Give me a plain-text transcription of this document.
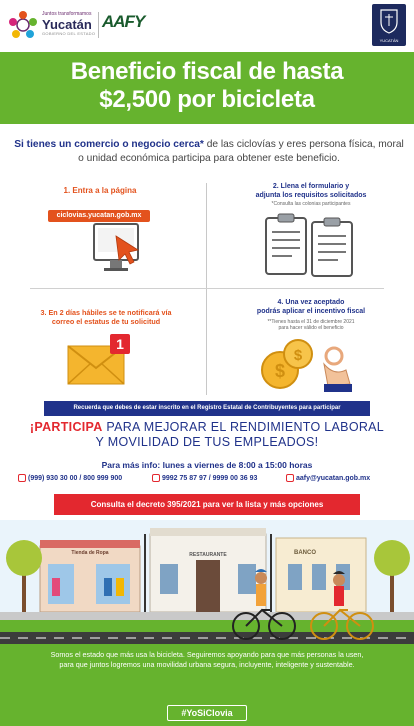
Juntos transformamos
Yucatán
GOBIERNO DEL ESTADO
AAFY
YUCATÁN
Beneficio fiscal de hasta
$2,500 por bicicleta
Si tienes un comercio o negocio cerca* de las ciclovías y eres persona física, moral o unidad económica participa para obtener este beneficio.
1. Entra a la página
ciclovias.yucatan.gob.mx
2. Llena el formulario y
adjunta los requisitos solicitados
*Consulta las colonias participantes
3. En 2 días hábiles se te notificará vía
correo el estatus de tu solicitud
1
4. Una vez aceptado
podrás aplicar el incentivo fiscal
**Tienes hasta el 31 de diciembre 2021
para hacer válido el beneficio
$
$
Recuerda que debes de estar inscrito en el Registro Estatal de Contribuyentes para participar
¡PARTICIPA PARA MEJORAR EL RENDIMIENTO LABORAL
Y MOVILIDAD DE TUS EMPLEADOS!
Para más info: lunes a viernes de 8:00 a 15:00 horas
(999) 930 30 00 / 800 999 900	9992 75 87 97 / 9999 00 36 93	aafy@yucatan.gob.mx
Consulta el decreto 395/2021 para ver la lista y más opciones
Tienda de Ropa	RESTAURANTE	BANCO
Somos el estado que más usa la bicicleta. Seguiremos apoyando para que más personas la usen,
para que juntos logremos una movilidad urbana segura, incluyente, inteligente y sustentable.
#YoSiClovia
